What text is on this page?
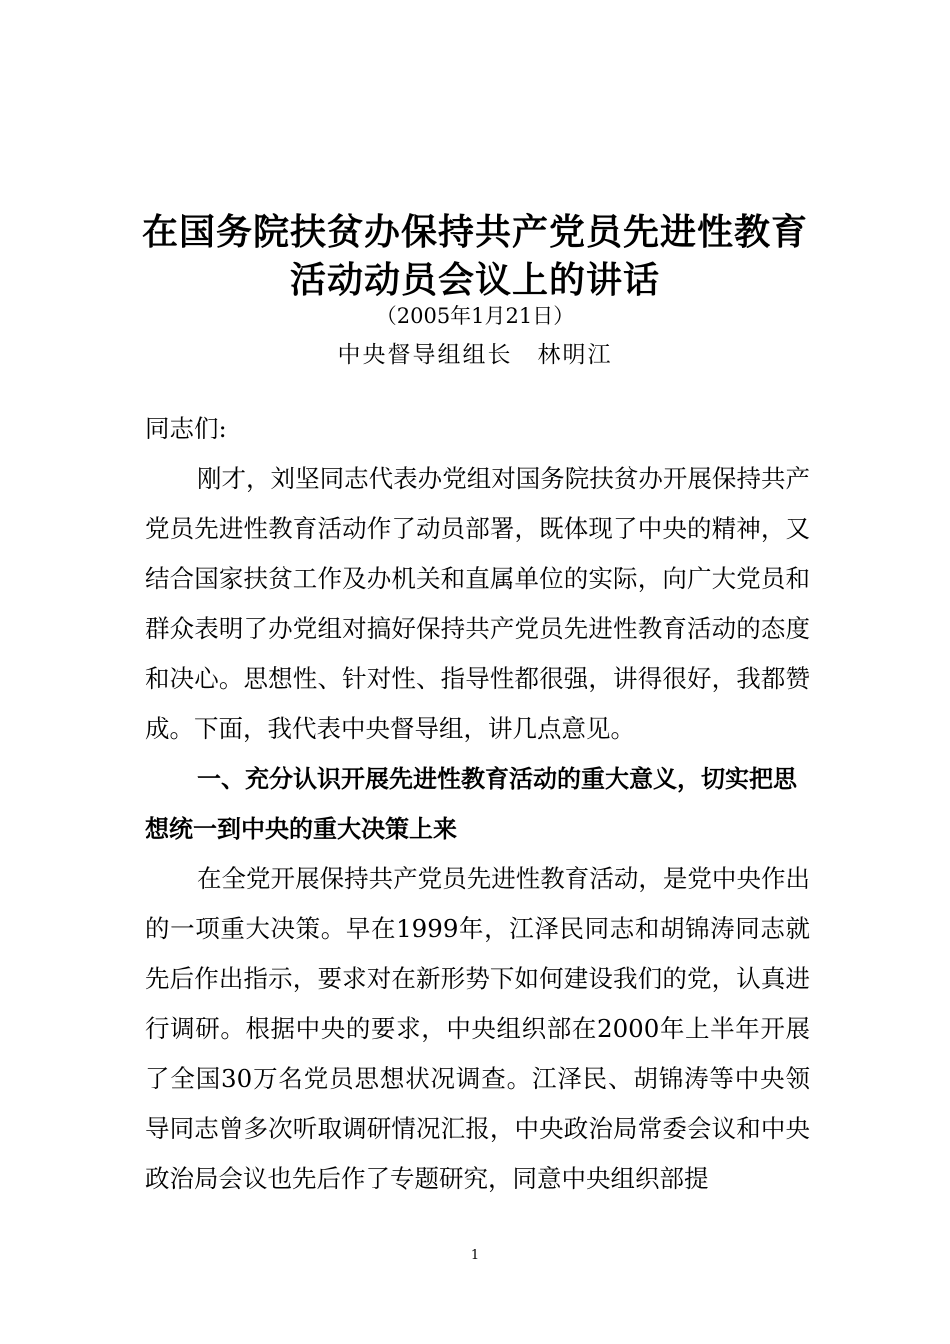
在国务院扶贫办保持共产党员先进性教育
活动动员会议上的讲话
（2005年1月21日）
中央督导组组长　林明江
同志们:
刚才，刘坚同志代表办党组对国务院扶贫办开展保持共产党员先进性教育活动作了动员部署，既体现了中央的精神，又结合国家扶贫工作及办机关和直属单位的实际，向广大党员和群众表明了办党组对搞好保持共产党员先进性教育活动的态度和决心。思想性、针对性、指导性都很强，讲得很好，我都赞成。下面，我代表中央督导组，讲几点意见。
一、充分认识开展先进性教育活动的重大意义，切实把思想统一到中央的重大决策上来
在全党开展保持共产党员先进性教育活动，是党中央作出的一项重大决策。早在1999年，江泽民同志和胡锦涛同志就先后作出指示，要求对在新形势下如何建设我们的党，认真进行调研。根据中央的要求，中央组织部在2000年上半年开展了全国30万名党员思想状况调查。江泽民、胡锦涛等中央领导同志曾多次听取调研情况汇报，中央政治局常委会议和中央政治局会议也先后作了专题研究，同意中央组织部提
1
